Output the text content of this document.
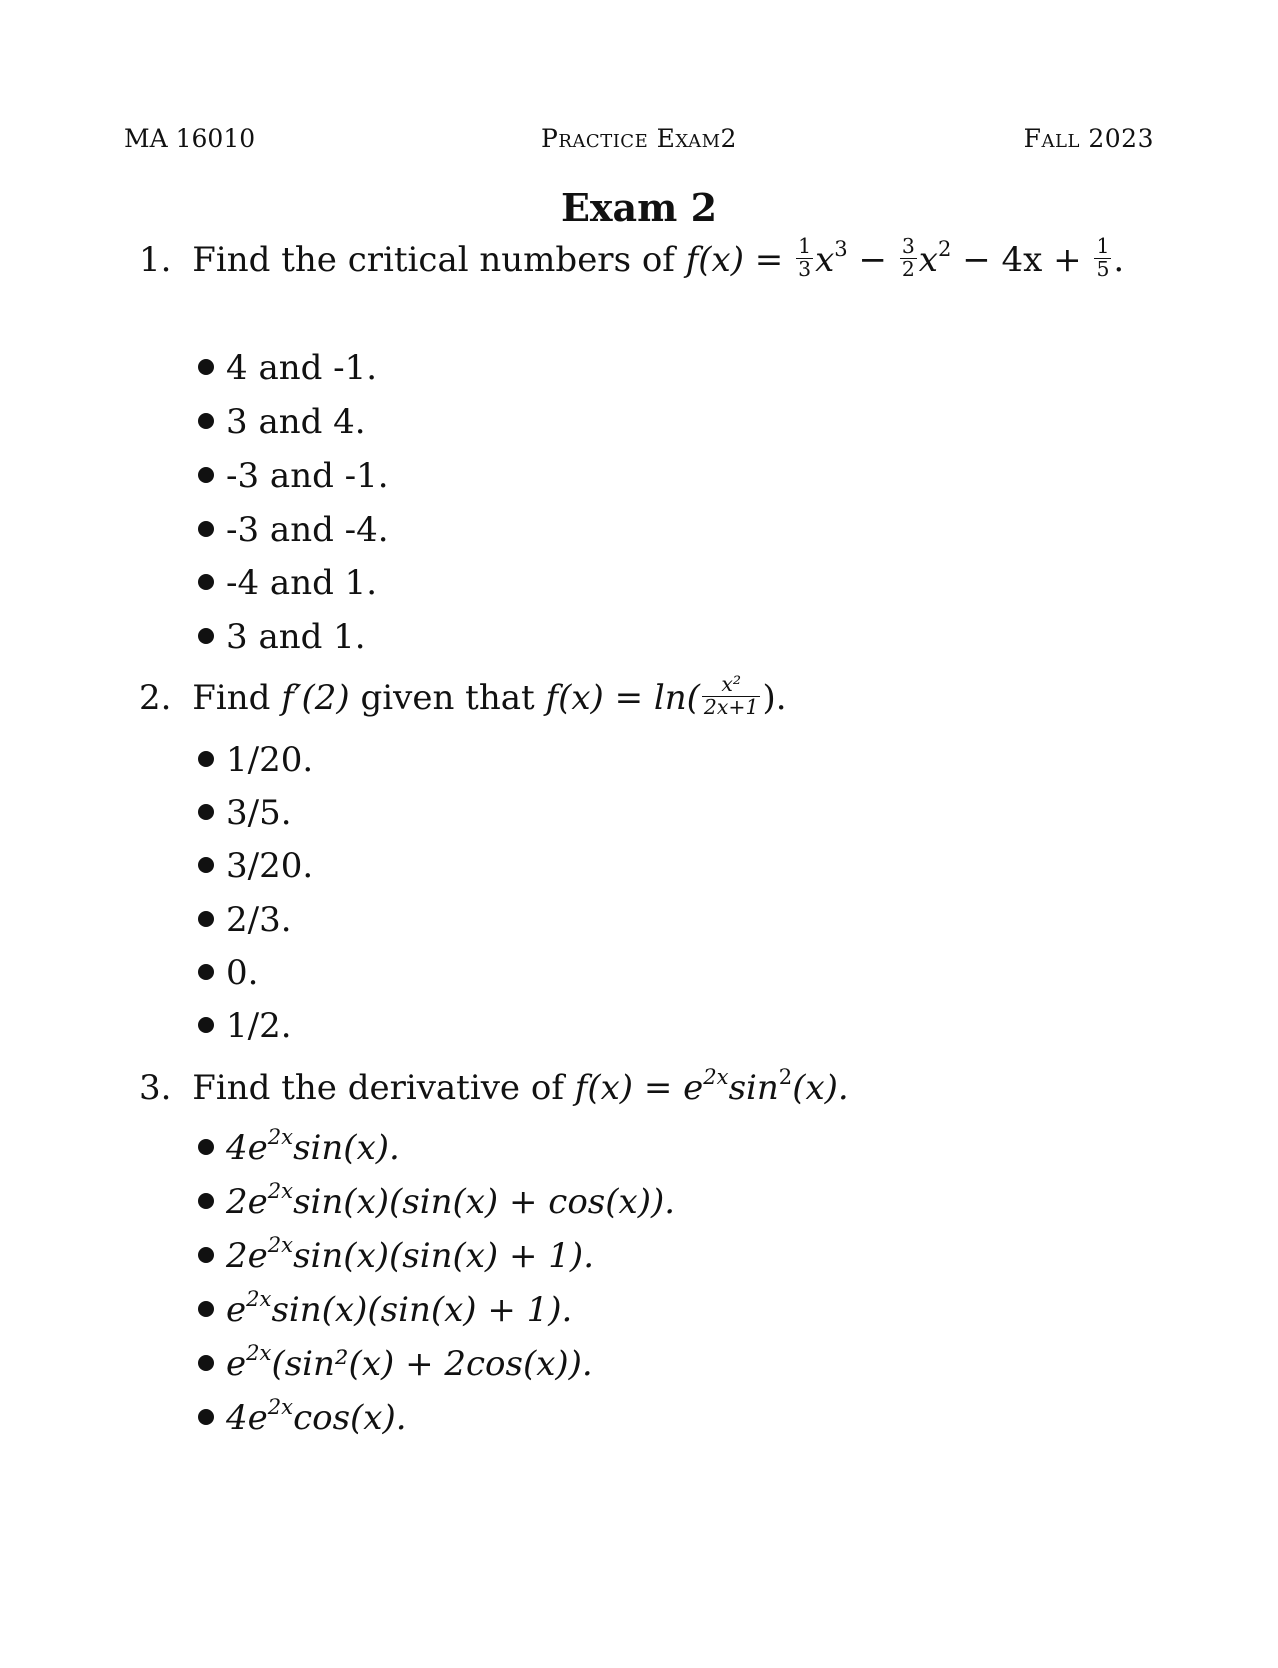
MA 16010	Practice Exam2	Fall 2023
Exam 2
1. Find the critical numbers of $f(x) = \frac{1}{3} x^3 - \frac{3}{2} x^2 - 4x + \frac{1}{5}$ .
4 and -1.
3 and 4.
-3 and -1.
-3 and -4.
-4 and 1.
3 and 1.
2. Find f′(2) given that $f(x) = \ln( \frac{\text{x²}}{2x+1}$ ).
1/20.
3/5.
3/20.
2/3.
0.
1/2.
3. Find the derivative of $f(x) = e^{2x}\sin^2(x)$.
$4e^{2x}\sin(x)$.
$2e^{2x}\sin(x)(\sin(x) + \cos(x))$.
$2e^{2x}\sin(x)(\sin(x) + 1)$.
$e^{2x}\sin(x)(\sin(x) + 1)$.
$e^{2x}(\sin^2(x) + 2\cos(x))$.
$4e^{2x}\cos(x)$.
